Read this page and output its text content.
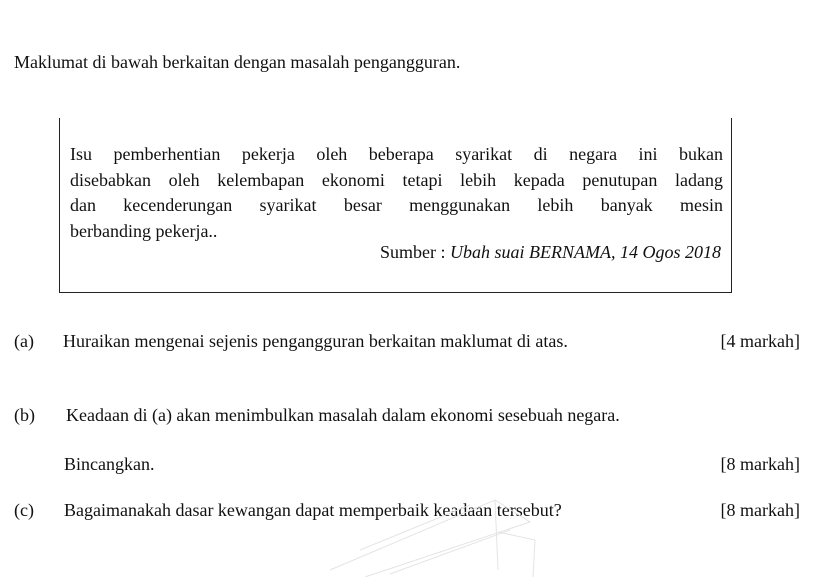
Maklumat di bawah berkaitan dengan masalah pengangguran.

Isu pemberhentian pekerja oleh beberapa syarikat di negara ini bukan
disebabkan oleh kelembapan ekonomi tetapi lebih kepada penutupan ladang
dan kecenderungan syarikat besar menggunakan lebih banyak mesin
berbanding pekerja..

Sumber : Ubah suai BERNAMA, 14 Ogos 2018
(a) Huraikan mengenai sejenis pengangguran berkaitan maklumat di atas.	[4 markah]
(b) Keadaan di (a) akan menimbulkan masalah dalam ekonomi sesebuah negara.
Bincangkan.	[8 markah]
(c) Bagaimanakah dasar kewangan dapat memperbaik keadaan tersebut?	[8 markah]
